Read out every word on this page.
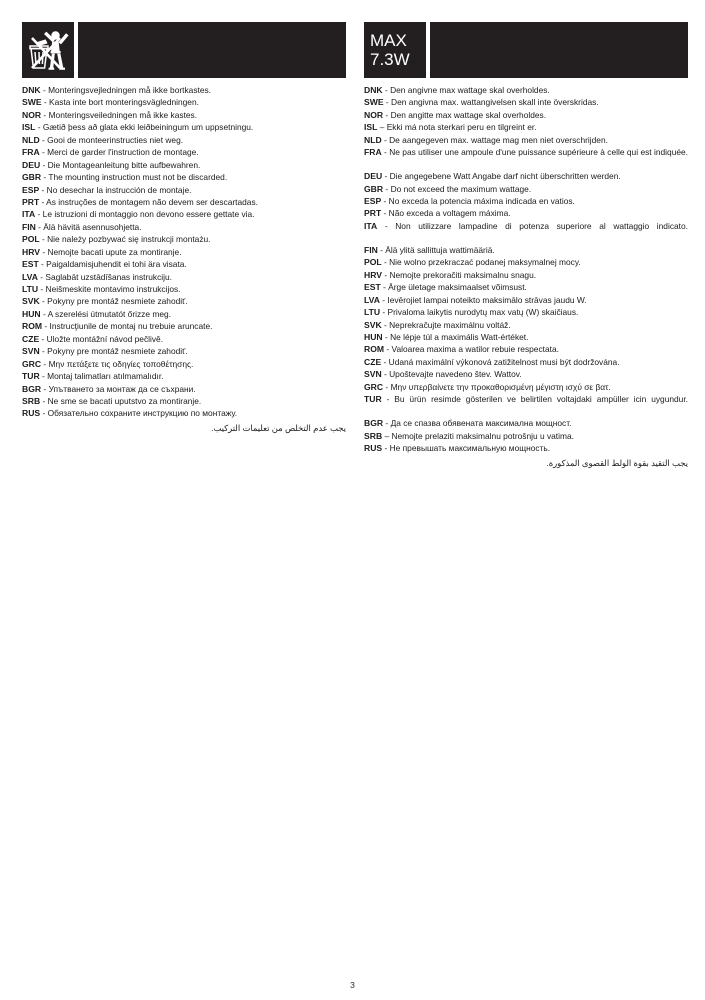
DNK - Monteringsvejledningen må ikke bortkastes.
SWE - Kasta inte bort monteringsvägledningen.
NOR - Monteringsveiledningen må ikke kastes.
ISL - Gætið þess að glata ekki leiðbeiningum um uppsetningu.
NLD - Gooi de monteerinstructies niet weg.
FRA - Merci de garder l'instruction de montage.
DEU - Die Montageanleitung bitte aufbewahren.
GBR - The mounting instruction must not be discarded.
ESP - No desechar la instrucción de montaje.
PRT - As instruções de montagem não devem ser descartadas.
ITA - Le istruzioni di montaggio non devono essere gettate via.
FIN - Älä hävitä asennusohjetta.
POL - Nie należy pozbywać się instrukcji montażu.
HRV - Nemojte bacati upute za montiranje.
EST - Paigaldamisjuhendit ei tohi ära visata.
LVA - Saglabāt uzstādīšanas instrukciju.
LTU - Neišmeskite montavimo instrukcijos.
SVK - Pokyny pre montáž nesmiete zahodiť.
HUN - A szerelési útmutatót őrizze meg.
ROM - Instrucţiunile de montaj nu trebuie aruncate.
CZE - Uložte montážní návod pečlivě.
SVN - Pokyny pre montáž nesmiete zahodiť.
GRC - Μην πετάξετε τις οδηγίες τοποθέτησης.
TUR - Montaj talimatları atılmamalıdır.
BGR - Упътването за монтаж да се съхрани.
SRB - Ne sme se bacati uputstvo za montiranje.
RUS - Обязательно сохраните инструкцию по монтажу.
يجب عدم التخلص من تعليمات التركيب.
MAX
7.3W
DNK - Den angivne max wattage skal overholdes.
SWE - Den angivna max. wattangivelsen skall inte överskridas.
NOR - Den angitte max wattage skal overholdes.
ISL – Ekki má nota sterkari peru en tilgreint er.
NLD - De aangegeven max. wattage mag men niet overschrijden.
FRA - Ne pas utiliser une ampoule d'une puissance supérieure à celle qui est indiquée.
DEU - Die angegebene Watt Angabe darf nicht überschritten werden.
GBR - Do not exceed the maximum wattage.
ESP - No exceda la potencia máxima indicada en vatios.
PRT - Não exceda a voltagem máxima.
ITA - Non utilizzare lampadine di potenza superiore al wattaggio indicato.
FIN - Älä ylitä sallittuja wattimääriä.
POL - Nie wolno przekraczać podanej maksymalnej mocy.
HRV - Nemojte prekoračiti maksimalnu snagu.
EST - Ärge ületage maksimaalset võimsust.
LVA - Ievērojiet lampai noteikto maksimālo strāvas jaudu W.
LTU - Privaloma laikytis nurodytų max vatų (W) skaičiaus.
SVK - Neprekračujte maximálnu voltáž.
HUN - Ne lépje túl a maximális Watt-értéket.
ROM - Valoarea maxima a watilor rebuie respectata.
CZE - Udaná maximální výkonová zatižitelnost musi být dodržována.
SVN - Upoštevajte navedeno štev. Wattov.
GRC - Μην υπερβαίνετε την προκαθορισμένη μέγιστη ισχύ σε βατ.
TUR - Bu ürün resimde gösterilen ve belirtilen voltajdaki ampüller icin uygundur.
BGR - Да се спазва обявената максимална мощност.
SRB – Nemojte prelaziti maksimalnu potrošnju u vatima.
RUS - Не превышать максимальную мощность.
يجب التقيد بقوة الولط القصوى المذكورة.
3
